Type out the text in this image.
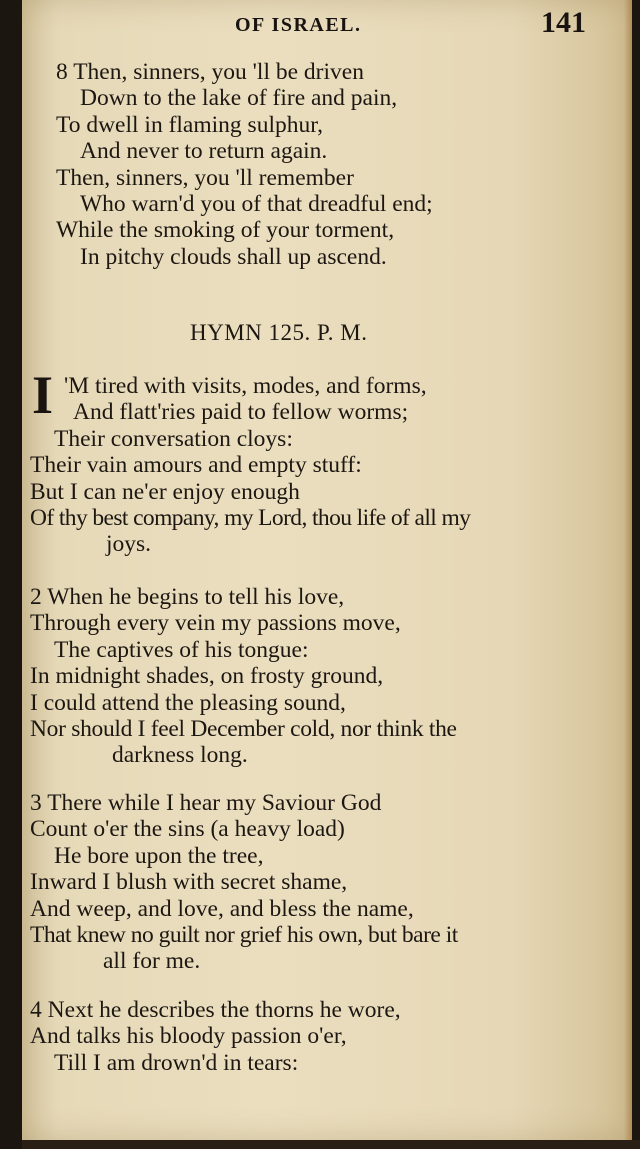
OF ISRAEL.	141
8 Then, sinners, you 'll be driven
Down to the lake of fire and pain,
To dwell in flaming sulphur,
And never to return again.
Then, sinners, you 'll remember
Who warn'd you of that dreadful end;
While the smoking of your torment,
In pitchy clouds shall up ascend.
HYMN 125. P. M.
I 'M tired with visits, modes, and forms,
And flatt'ries paid to fellow worms;
Their conversation cloys:
Their vain amours and empty stuff:
But I can ne'er enjoy enough
Of thy best company, my Lord, thou life of all my
joys.
2 When he begins to tell his love,
Through every vein my passions move,
The captives of his tongue:
In midnight shades, on frosty ground,
I could attend the pleasing sound,
Nor should I feel December cold, nor think the
darkness long.
3 There while I hear my Saviour God
Count o'er the sins (a heavy load)
He bore upon the tree,
Inward I blush with secret shame,
And weep, and love, and bless the name,
That knew no guilt nor grief his own, but bare it
all for me.
4 Next he describes the thorns he wore,
And talks his bloody passion o'er,
Till I am drown'd in tears:
